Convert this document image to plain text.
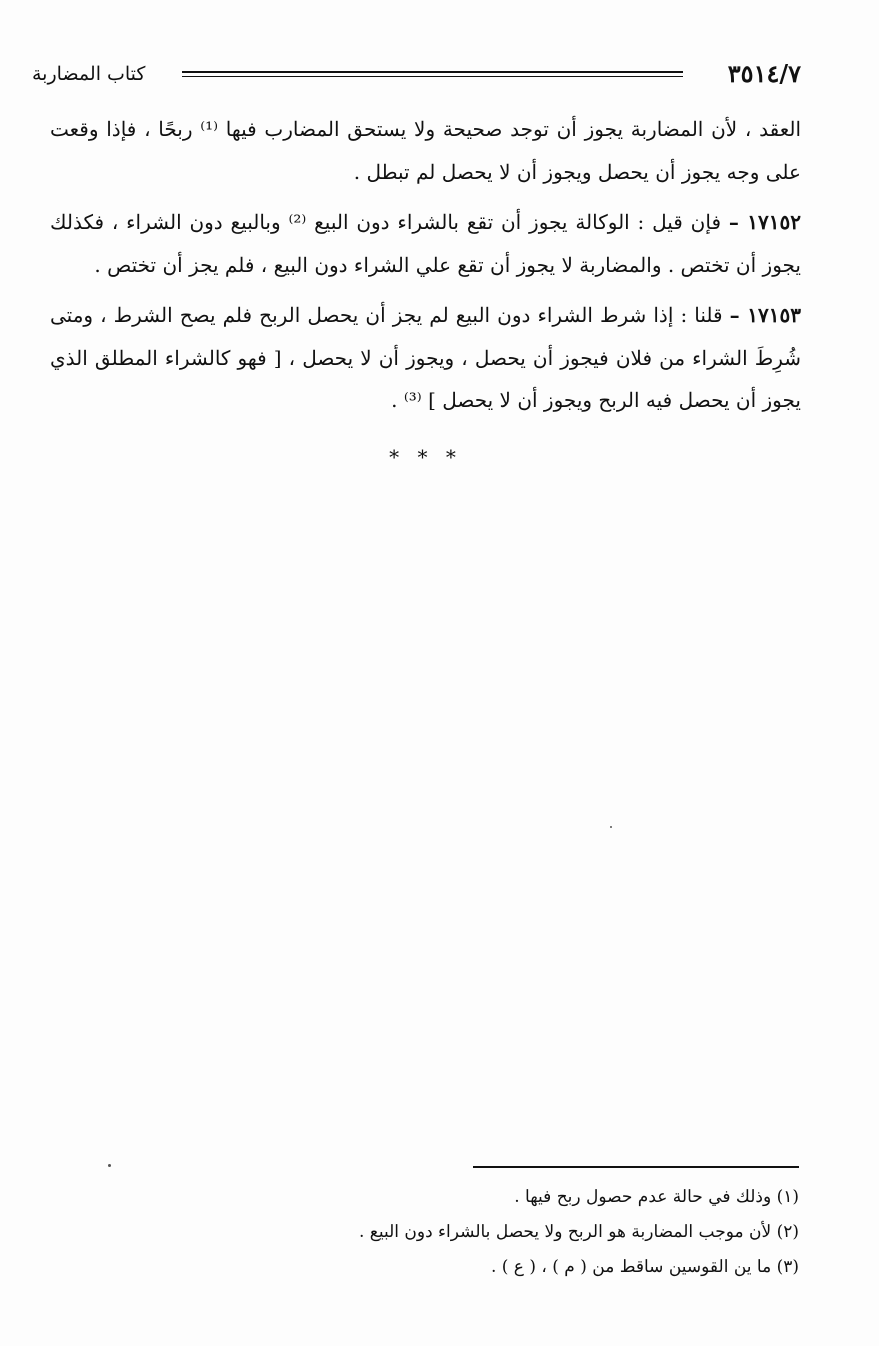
٣٥١٤/٧
كتاب المضاربة

العقد ، لأن المضاربة يجوز أن توجد صحيحة ولا يستحق المضارب فيها ⁽¹⁾ ربحًا ، فإذا وقعت على وجه يجوز أن يحصل ويجوز أن لا يحصل لم تبطل .

١٧١٥٢ – فإن قيل : الوكالة يجوز أن تقع بالشراء دون البيع ⁽²⁾ وبالبيع دون الشراء ، فكذلك يجوز أن تختص . والمضاربة لا يجوز أن تقع علي الشراء دون البيع ، فلم يجز أن تختص .

١٧١٥٣ – قلنا : إذا شرط الشراء دون البيع لم يجز أن يحصل الربح فلم يصح الشرط ، ومتى شُرِطَ الشراء من فلان فيجوز أن يحصل ، ويجوز أن لا يحصل ، [ فهو كالشراء المطلق الذي يجوز أن يحصل فيه الربح ويجوز أن لا يحصل ] ⁽³⁾ .

* * *

(١) وذلك في حالة عدم حصول ربح فيها .

(٢) لأن موجب المضاربة هو الربح ولا يحصل بالشراء دون البيع .

(٣) ما ين القوسين ساقط من ( م ) ، ( ع ) .
